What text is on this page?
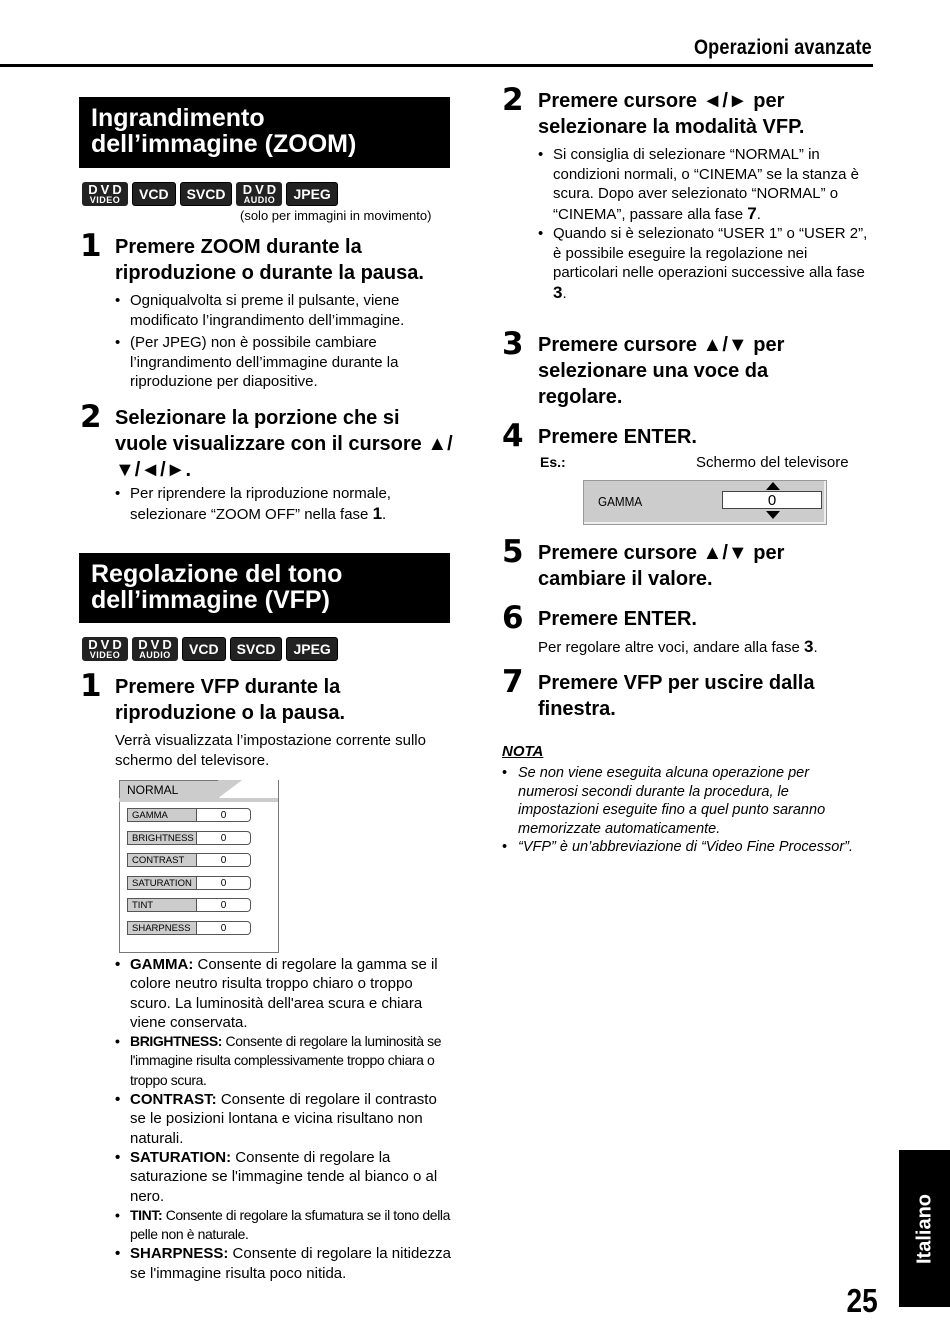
Operazioni avanzate
Ingrandimento
dell’immagine (ZOOM)
DVD
VIDEO	VCD	SVCD	DVD
AUDIO	JPEG
(solo per immagini in movimento)
1 Premere ZOOM durante la riproduzione o durante la pausa.
• Ogniqualvolta si preme il pulsante, viene modificato l’ingrandimento dell’immagine.
• (Per JPEG) non è possibile cambiare l’ingrandimento dell’immagine durante la riproduzione per diapositive.
2 Selezionare la porzione che si vuole visualizzare con il cursore ▲/▼/◄/►.
• Per riprendere la riproduzione normale, selezionare “ZOOM OFF” nella fase 1.
Regolazione del tono
dell’immagine (VFP)
DVD
VIDEO
DVD
AUDIO	VCD	SVCD	JPEG
1 Premere VFP durante la riproduzione o la pausa.
Verrà visualizzata l’impostazione corrente sullo schermo del televisore.
NORMAL
GAMMA	0
BRIGHTNESS	0
CONTRAST	0
SATURATION	0
TINT	0
SHARPNESS	0
• GAMMA: Consente di regolare la gamma se il colore neutro risulta troppo chiaro o troppo scuro. La luminosità dell'area scura e chiara viene conservata.
• BRIGHTNESS: Consente di regolare la luminosità se l'immagine risulta complessivamente troppo chiara o troppo scura.
• CONTRAST: Consente di regolare il contrasto se le posizioni lontana e vicina risultano non naturali.
• SATURATION: Consente di regolare la saturazione se l'immagine tende al bianco o al nero.
• TINT: Consente di regolare la sfumatura se il tono della pelle non è naturale.
• SHARPNESS: Consente di regolare la nitidezza se l'immagine risulta poco nitida.
2 Premere cursore ◄/► per selezionare la modalità VFP.
• Si consiglia di selezionare “NORMAL” in condizioni normali, o “CINEMA” se la stanza è scura. Dopo aver selezionato “NORMAL” o “CINEMA”, passare alla fase 7.
• Quando si è selezionato “USER 1” o “USER 2”, è possibile eseguire la regolazione nei particolari nelle operazioni successive alla fase 3.
3 Premere cursore ▲/▼ per selezionare una voce da regolare.
4 Premere ENTER.
Es.:	Schermo del televisore
GAMMA	0
5 Premere cursore ▲/▼ per cambiare il valore.
6 Premere ENTER.
Per regolare altre voci, andare alla fase 3.
7 Premere VFP per uscire dalla finestra.
NOTA
• Se non viene eseguita alcuna operazione per numerosi secondi durante la procedura, le impostazioni eseguite fino a quel punto saranno memorizzate automaticamente.
• “VFP” è un’abbreviazione di “Video Fine Processor”.
Italiano
25
